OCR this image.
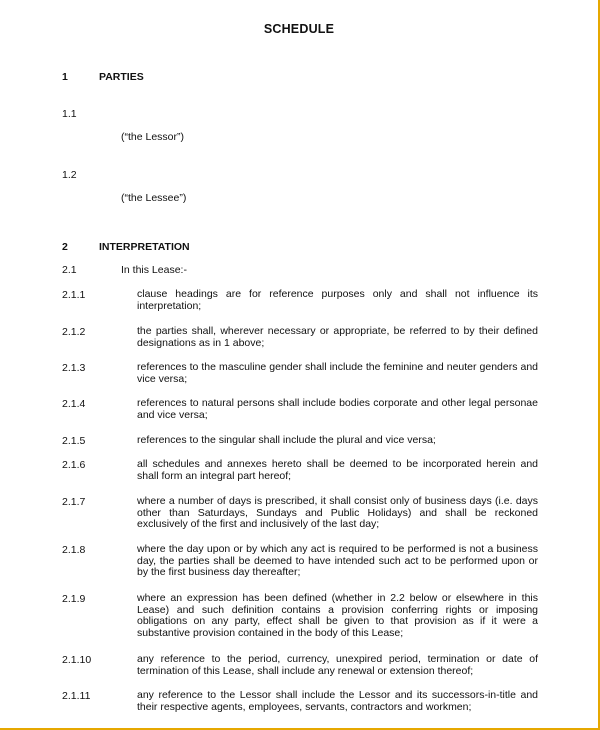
SCHEDULE
1	PARTIES
1.1
(“the Lessor”)
1.2
(“the Lessee”)
2	INTERPRETATION
2.1	In this Lease:-
2.1.1	clause headings are for reference purposes only and shall not influence its interpretation;
2.1.2	the parties shall, wherever necessary or appropriate, be referred to by their defined designations as in 1 above;
2.1.3	references to the masculine gender shall include the feminine and neuter genders and vice versa;
2.1.4	references to natural persons shall include bodies corporate and other legal personae and vice versa;
2.1.5	references to the singular shall include the plural and vice versa;
2.1.6	all schedules and annexes hereto shall be deemed to be incorporated herein and shall form an integral part hereof;
2.1.7	where a number of days is prescribed, it shall consist only of business days (i.e. days other than Saturdays, Sundays and Public Holidays) and shall be reckoned exclusively of the first and inclusively of the last day;
2.1.8	where the day upon or by which any act is required to be performed is not a business day, the parties shall be deemed to have intended such act to be performed upon or by the first business day thereafter;
2.1.9	where an expression has been defined (whether in 2.2 below or elsewhere in this Lease) and such definition contains a provision conferring rights or imposing obligations on any party, effect shall be given to that provision as if it were a substantive provision contained in the body of this Lease;
2.1.10	any reference to the period, currency, unexpired period, termination or date of termination of this Lease, shall include any renewal or extension thereof;
2.1.11	any reference to the Lessor shall include the Lessor and its successors-in-title and their respective agents, employees, servants, contractors and workmen;
